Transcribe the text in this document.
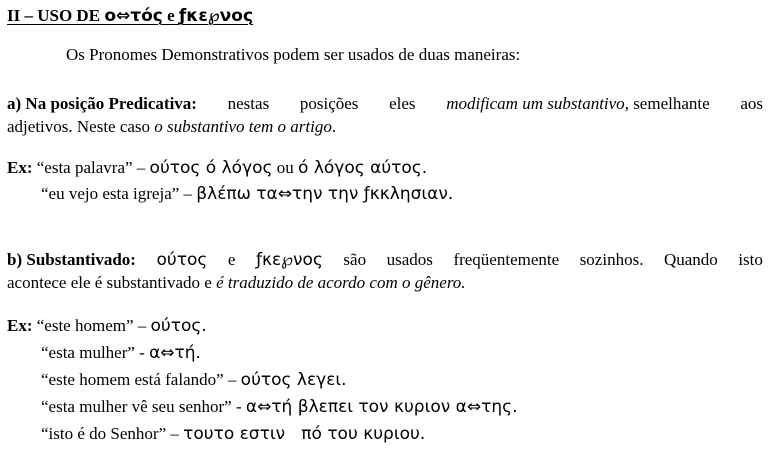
II – USO DE ο⇔τός e ƒκε℘νος
Os Pronomes Demonstrativos podem ser usados de duas maneiras:
a) Na posição Predicativa: nestas posições eles modificam um substantivo, semelhante aos
adjetivos. Neste caso o substantivo tem o artigo.
Ex: “esta palavra” – ούτος ό λόγος ou ό λόγος αύτος.
“eu vejo esta igreja” – βλέπω τα⇔την την ƒκκλησιαν.
b) Substantivado: ούτος e ƒκε℘νος são usados freqüentemente sozinhos. Quando isto
acontece ele é substantivado e é traduzido de acordo com o gênero.
Ex: “este homem” – ούτος.
“esta mulher” - α⇔τή.
“este homem está falando” – ούτος λεγει.
“esta mulher vê seu senhor” - α⇔τή βλεπει τον κυριον α⇔της.
“isto é do Senhor” – τουτο εστιν   πό του κυριου.
